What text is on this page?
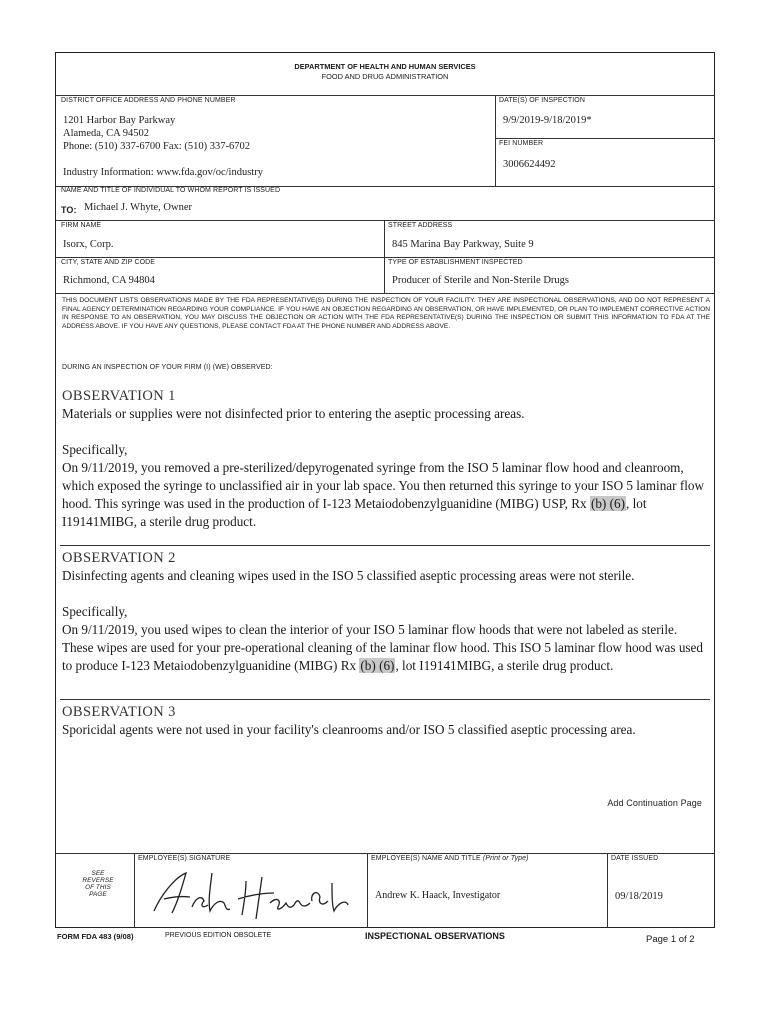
DEPARTMENT OF HEALTH AND HUMAN SERVICES
FOOD AND DRUG ADMINISTRATION
DISTRICT OFFICE ADDRESS AND PHONE NUMBER
1201 Harbor Bay Parkway
Alameda, CA 94502
Phone: (510) 337-6700 Fax: (510) 337-6702
Industry Information: www.fda.gov/oc/industry
DATE(S) OF INSPECTION
9/9/2019-9/18/2019*
FEI NUMBER
3006624492
NAME AND TITLE OF INDIVIDUAL TO WHOM REPORT IS ISSUED
TO: Michael J. Whyte, Owner
FIRM NAME
Isorx, Corp.
STREET ADDRESS
845 Marina Bay Parkway, Suite 9
CITY, STATE AND ZIP CODE
Richmond, CA 94804
TYPE OF ESTABLISHMENT INSPECTED
Producer of Sterile and Non-Sterile Drugs
THIS DOCUMENT LISTS OBSERVATIONS MADE BY THE FDA REPRESENTATIVE(S) DURING THE INSPECTION OF YOUR FACILITY. THEY ARE INSPECTIONAL OBSERVATIONS, AND DO NOT REPRESENT A FINAL AGENCY DETERMINATION REGARDING YOUR COMPLIANCE. IF YOU HAVE AN OBJECTION REGARDING AN OBSERVATION, OR HAVE IMPLEMENTED, OR PLAN TO IMPLEMENT CORRECTIVE ACTION IN RESPONSE TO AN OBSERVATION, YOU MAY DISCUSS THE OBJECTION OR ACTION WITH THE FDA REPRESENTATIVE(S) DURING THE INSPECTION OR SUBMIT THIS INFORMATION TO FDA AT THE ADDRESS ABOVE. IF YOU HAVE ANY QUESTIONS, PLEASE CONTACT FDA AT THE PHONE NUMBER AND ADDRESS ABOVE.
DURING AN INSPECTION OF YOUR FIRM (I) (WE) OBSERVED:
OBSERVATION 1

Materials or supplies were not disinfected prior to entering the aseptic processing areas.

Specifically,

On 9/11/2019, you removed a pre-sterilized/depyrogenated syringe from the ISO 5 laminar flow hood and cleanroom, which exposed the syringe to unclassified air in your lab space. You then returned this syringe to your ISO 5 laminar flow hood. This syringe was used in the production of I-123 Metaiodobenzylguanidine (MIBG) USP, Rx (b) (6), lot I19141MIBG, a sterile drug product.

OBSERVATION 2

Disinfecting agents and cleaning wipes used in the ISO 5 classified aseptic processing areas were not sterile.

Specifically,

On 9/11/2019, you used wipes to clean the interior of your ISO 5 laminar flow hoods that were not labeled as sterile. These wipes are used for your pre-operational cleaning of the laminar flow hood. This ISO 5 laminar flow hood was used to produce I-123 Metaiodobenzylguanidine (MIBG) Rx (b) (6), lot I19141MIBG, a sterile drug product.

OBSERVATION 3

Sporicidal agents were not used in your facility's cleanrooms and/or ISO 5 classified aseptic processing area.

Add Continuation Page
SEE
REVERSE
OF THIS
PAGE
EMPLOYEE(S) SIGNATURE	EMPLOYEE(S) NAME AND TITLE (Print or Type)
Andrew K. Haack, Investigator
DATE ISSUED
09/18/2019
FORM FDA 483 (9/08)	PREVIOUS EDITION OBSOLETE	INSPECTIONAL OBSERVATIONS	Page 1 of 2
